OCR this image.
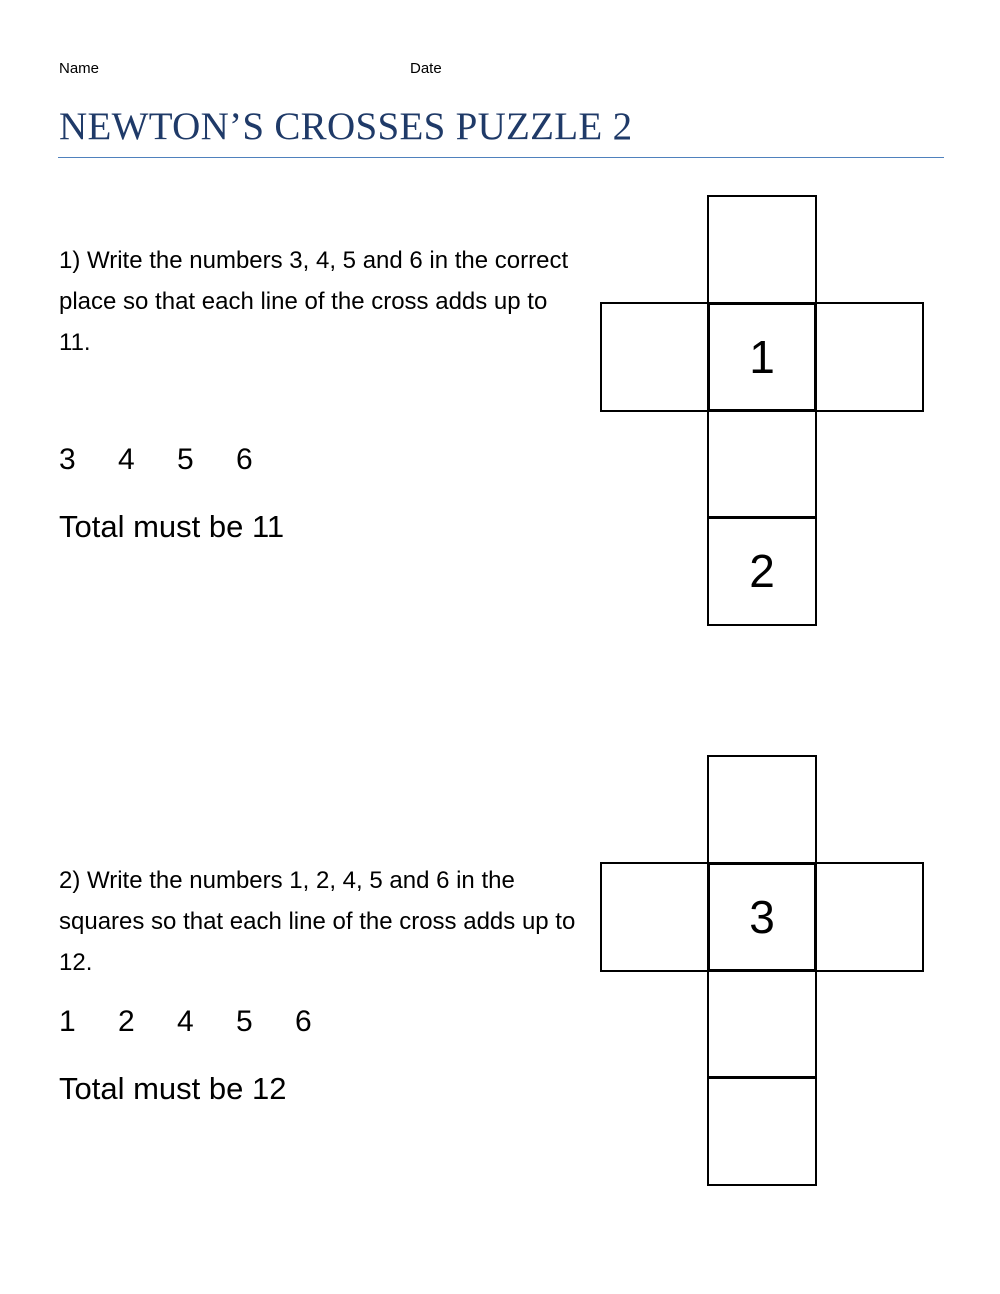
Name	Date
NEWTON’S CROSSES PUZZLE 2
1) Write the numbers 3, 4, 5 and 6 in the correct place so that each line of the cross adds up to 11.
3	4	5	6
Total must be 11
1
2
2) Write the numbers 1, 2, 4, 5 and 6 in the squares so that each line of the cross adds up to 12.
1	2	4	5	6
Total must be 12
3
